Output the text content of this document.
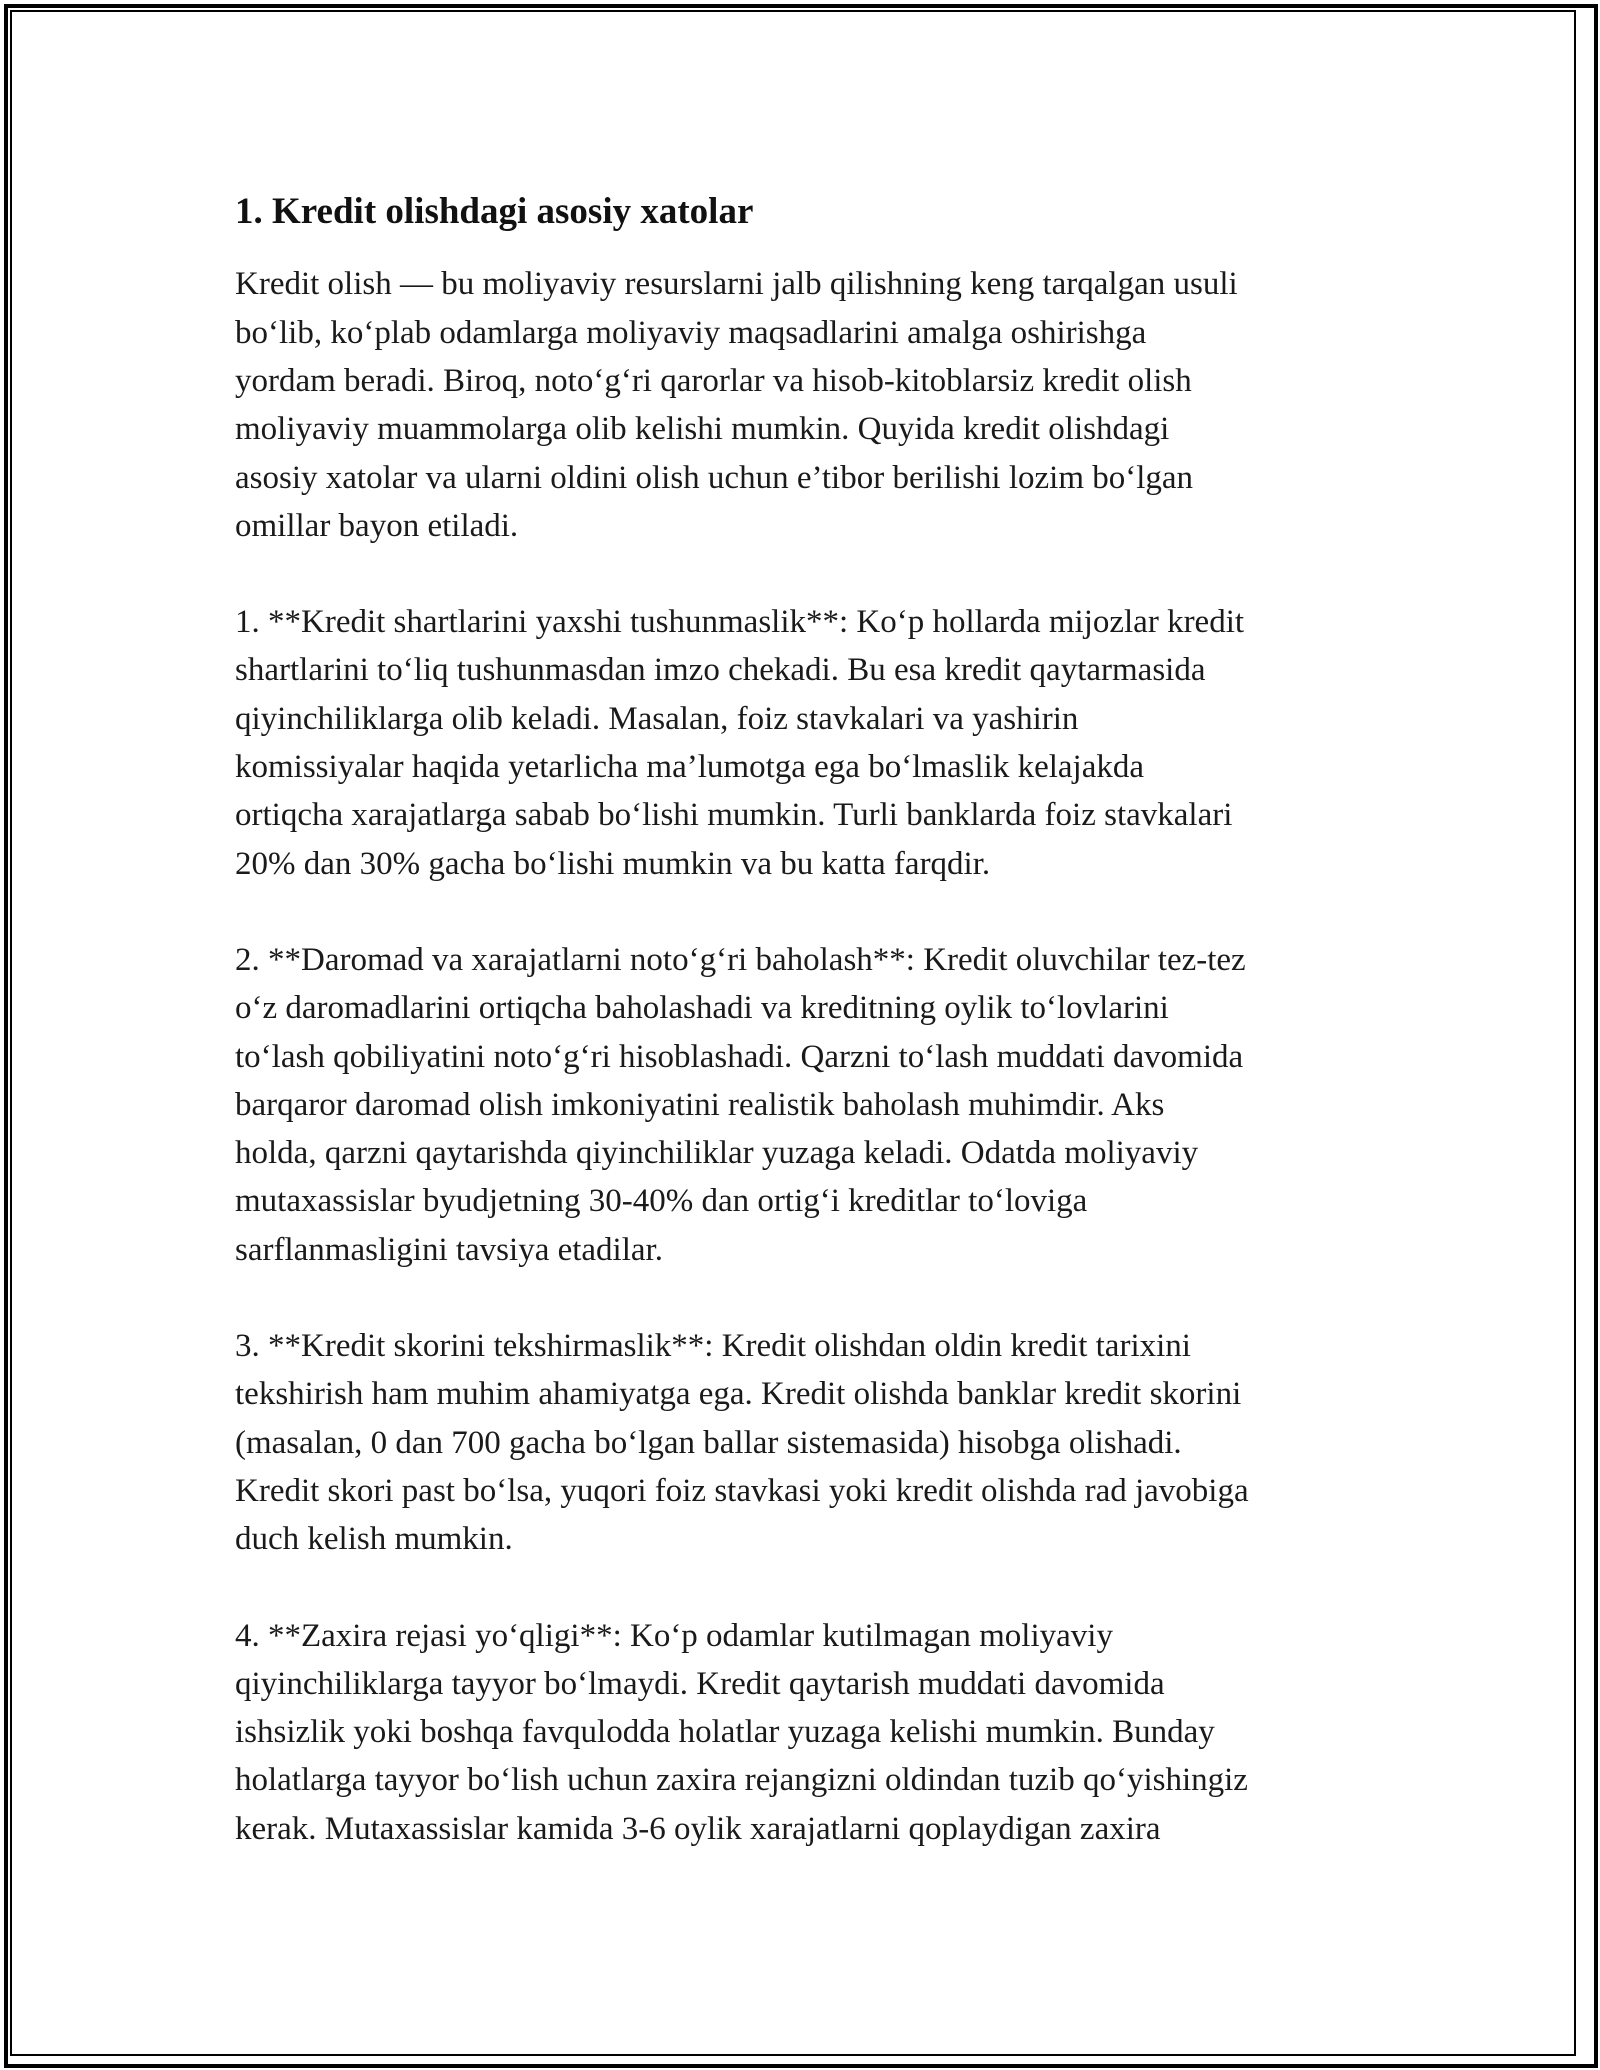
1. Kredit olishdagi asosiy xatolar

Kredit olish — bu moliyaviy resurslarni jalb qilishning keng tarqalgan usuli
bo‘lib, ko‘plab odamlarga moliyaviy maqsadlarini amalga oshirishga
yordam beradi. Biroq, noto‘g‘ri qarorlar va hisob-kitoblarsiz kredit olish
moliyaviy muammolarga olib kelishi mumkin. Quyida kredit olishdagi
asosiy xatolar va ularni oldini olish uchun e’tibor berilishi lozim bo‘lgan
omillar bayon etiladi.

1. **Kredit shartlarini yaxshi tushunmaslik**: Ko‘p hollarda mijozlar kredit
shartlarini to‘liq tushunmasdan imzo chekadi. Bu esa kredit qaytarmasida
qiyinchiliklarga olib keladi. Masalan, foiz stavkalari va yashirin
komissiyalar haqida yetarlicha ma’lumotga ega bo‘lmaslik kelajakda
ortiqcha xarajatlarga sabab bo‘lishi mumkin. Turli banklarda foiz stavkalari
20% dan 30% gacha bo‘lishi mumkin va bu katta farqdir.

2. **Daromad va xarajatlarni noto‘g‘ri baholash**: Kredit oluvchilar tez-tez
o‘z daromadlarini ortiqcha baholashadi va kreditning oylik to‘lovlarini
to‘lash qobiliyatini noto‘g‘ri hisoblashadi. Qarzni to‘lash muddati davomida
barqaror daromad olish imkoniyatini realistik baholash muhimdir. Aks
holda, qarzni qaytarishda qiyinchiliklar yuzaga keladi. Odatda moliyaviy
mutaxassislar byudjetning 30-40% dan ortig‘i kreditlar to‘loviga
sarflanmasligini tavsiya etadilar.

3. **Kredit skorini tekshirmaslik**: Kredit olishdan oldin kredit tarixini
tekshirish ham muhim ahamiyatga ega. Kredit olishda banklar kredit skorini
(masalan, 0 dan 700 gacha bo‘lgan ballar sistemasida) hisobga olishadi.
Kredit skori past bo‘lsa, yuqori foiz stavkasi yoki kredit olishda rad javobiga
duch kelish mumkin.

4. **Zaxira rejasi yo‘qligi**: Ko‘p odamlar kutilmagan moliyaviy
qiyinchiliklarga tayyor bo‘lmaydi. Kredit qaytarish muddati davomida
ishsizlik yoki boshqa favqulodda holatlar yuzaga kelishi mumkin. Bunday
holatlarga tayyor bo‘lish uchun zaxira rejangizni oldindan tuzib qo‘yishingiz
kerak. Mutaxassislar kamida 3-6 oylik xarajatlarni qoplaydigan zaxira
